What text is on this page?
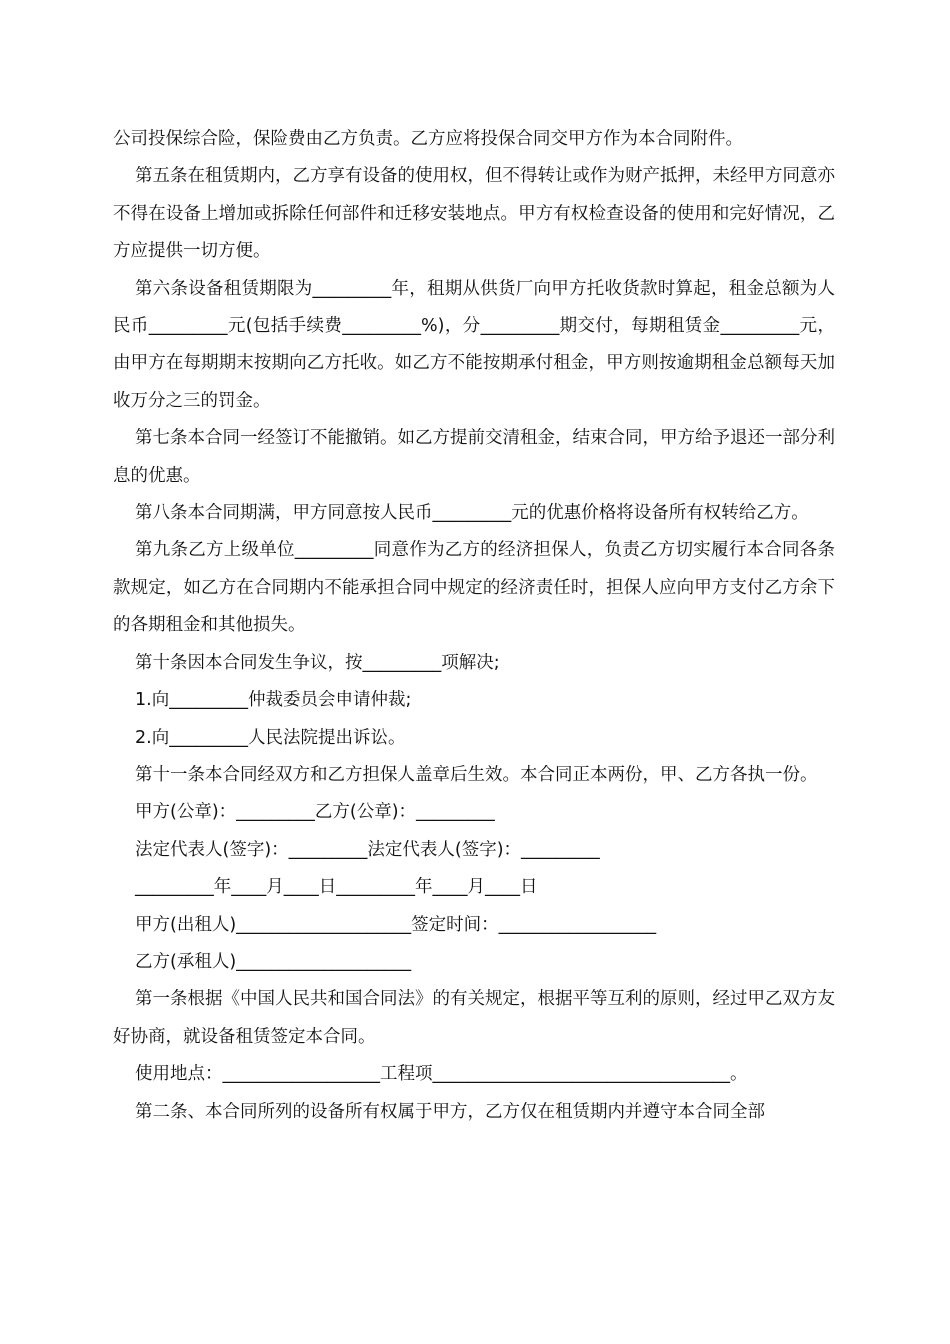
公司投保综合险，保险费由乙方负责。乙方应将投保合同交甲方作为本合同附件。

第五条在租赁期内，乙方享有设备的使用权，但不得转让或作为财产抵押，未经甲方同意亦不得在设备上增加或拆除任何部件和迁移安装地点。甲方有权检查设备的使用和完好情况，乙方应提供一切方便。

第六条设备租赁期限为_________年，租期从供货厂向甲方托收货款时算起，租金总额为人民币_________元(包括手续费_________%)，分_________期交付，每期租赁金_________元，由甲方在每期期末按期向乙方托收。如乙方不能按期承付租金，甲方则按逾期租金总额每天加收万分之三的罚金。

第七条本合同一经签订不能撤销。如乙方提前交清租金，结束合同，甲方给予退还一部分利息的优惠。

第八条本合同期满，甲方同意按人民币_________元的优惠价格将设备所有权转给乙方。

第九条乙方上级单位_________同意作为乙方的经济担保人，负责乙方切实履行本合同各条款规定，如乙方在合同期内不能承担合同中规定的经济责任时，担保人应向甲方支付乙方余下的各期租金和其他损失。

第十条因本合同发生争议，按_________项解决;

1.向_________仲裁委员会申请仲裁;

2.向_________人民法院提出诉讼。

第十一条本合同经双方和乙方担保人盖章后生效。本合同正本两份，甲、乙方各执一份。

甲方(公章)：_________乙方(公章)：_________
法定代表人(签字)：_________法定代表人(签字)：_________
_________年____月____日_________年____月____日
甲方(出租人)____________________签定时间：__________________
乙方(承租人)____________________

第一条根据《中国人民共和国合同法》的有关规定，根据平等互利的原则，经过甲乙双方友好协商，就设备租赁签定本合同。

使用地点：__________________工程项__________________________________。

第二条、本合同所列的设备所有权属于甲方，乙方仅在租赁期内并遵守本合同全部
